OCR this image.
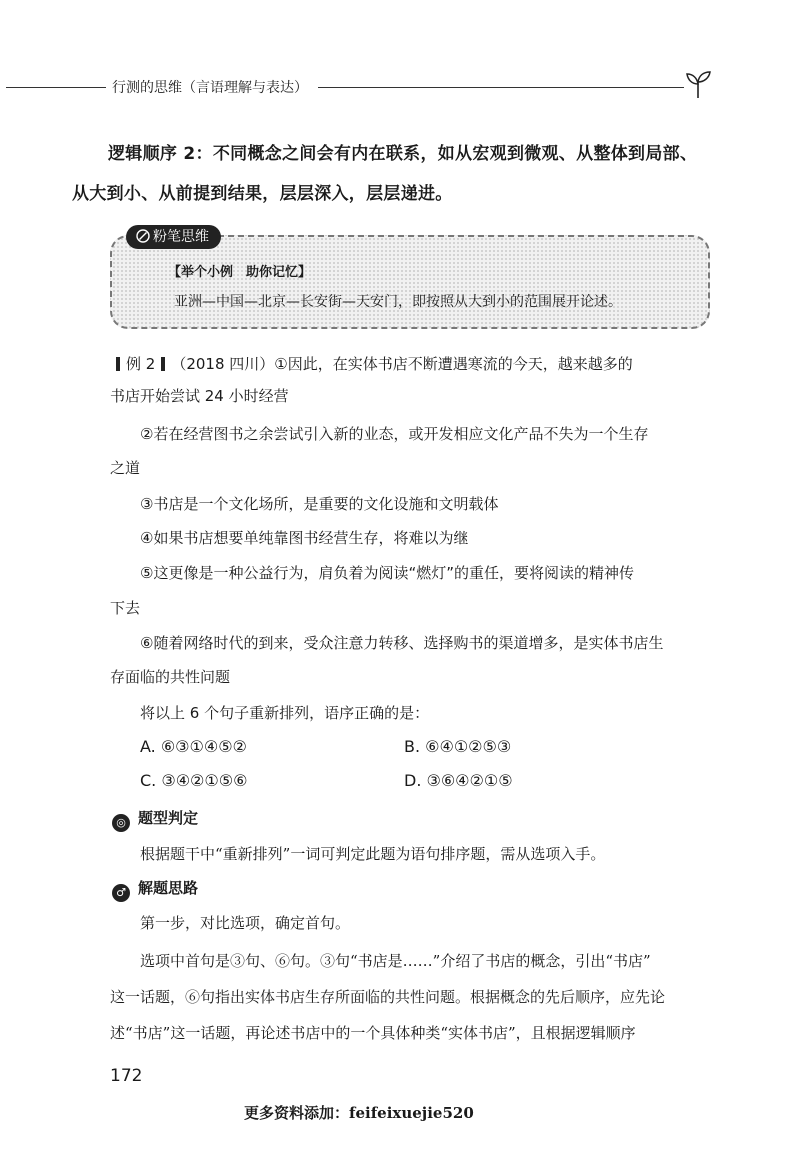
行测的思维（言语理解与表达）
逻辑顺序 2：不同概念之间会有内在联系，如从宏观到微观、从整体到局部、
从大到小、从前提到结果，层层深入，层层递进。
粉笔思维
【举个小例　助你记忆】
亚洲—中国—北京—长安街—天安门，即按照从大到小的范围展开论述。
例 2 （2018 四川）①因此，在实体书店不断遭遇寒流的今天，越来越多的
书店开始尝试 24 小时经营
②若在经营图书之余尝试引入新的业态，或开发相应文化产品不失为一个生存
之道
③书店是一个文化场所，是重要的文化设施和文明载体
④如果书店想要单纯靠图书经营生存，将难以为继
⑤这更像是一种公益行为，肩负着为阅读“燃灯”的重任，要将阅读的精神传
下去
⑥随着网络时代的到来，受众注意力转移、选择购书的渠道增多，是实体书店生
存面临的共性问题
将以上 6 个句子重新排列，语序正确的是：
A. ⑥③①④⑤②	B. ⑥④①②⑤③
C. ③④②①⑤⑥	D. ③⑥④②①⑤
◎ 题型判定
根据题干中“重新排列”一词可判定此题为语句排序题，需从选项入手。
♂ 解题思路
第一步，对比选项，确定首句。
选项中首句是③句、⑥句。③句“书店是……”介绍了书店的概念，引出“书店”
这一话题，⑥句指出实体书店生存所面临的共性问题。根据概念的先后顺序，应先论
述“书店”这一话题，再论述书店中的一个具体种类“实体书店”，且根据逻辑顺序
172
更多资料添加：feifeixuejie520
